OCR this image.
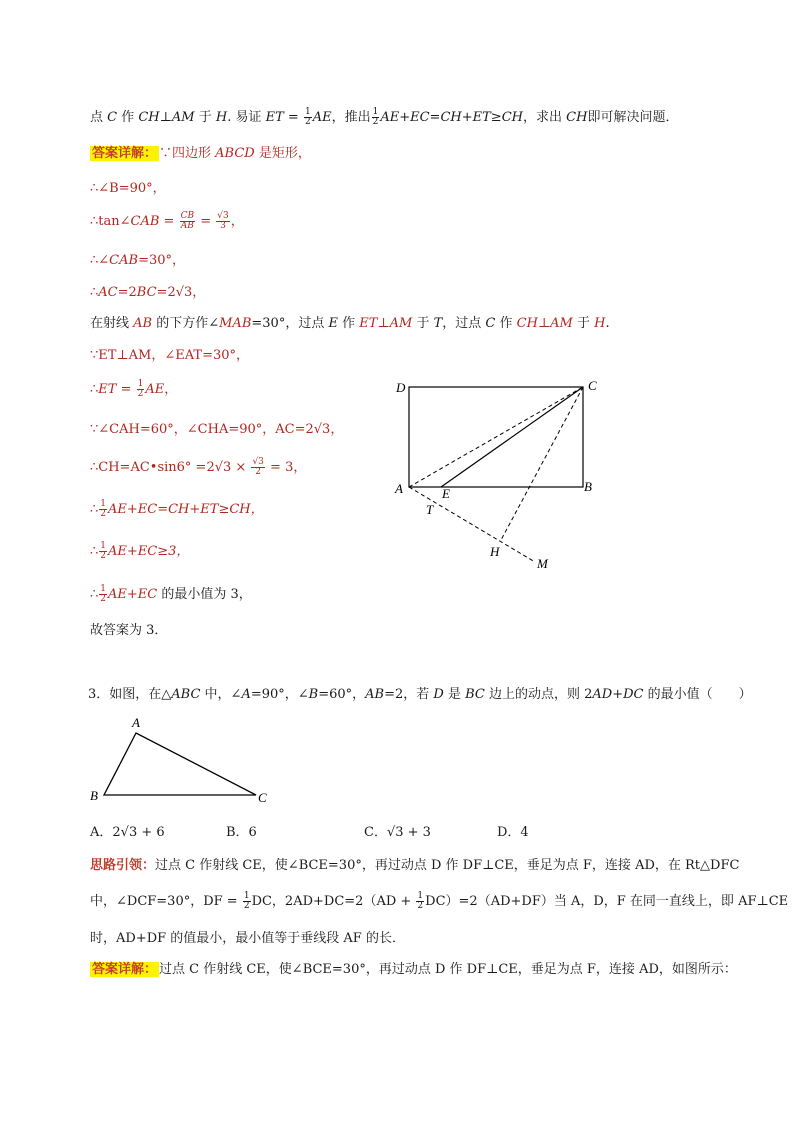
点 C 作 CH⊥AM 于 H. 易证 ET = $\frac{1}{2}$ AE，推出 $\frac{1}{2} AE+EC=CH+ET\ge CH$，求出 CH即可解决问题．
答案详解： ∵四边形 ABCD 是矩形，
∴∠B=90°，
∴tan∠CAB = $\frac{CB}{AB} = \frac{√3}{3}$ ，
∴∠CAB=30°，
∴AC=2BC=2√3，
在射线 AB 的下方作∠MAB=30°，过点 E 作 ET⊥AM 于 T，过点 C 作 CH⊥AM 于 H.
∵ET⊥AM，∠EAT=30°，
∴ET = $\frac{1}{2}$ AE，
∵∠CAH=60°，∠CHA=90°，AC=2√3，
∴CH=AC•sin6° $=2√3 \times \frac{√3}{2} = 3$，
∴ $\frac{1}{2} AE+EC=CH+ET\ge CH$，
∴ $\frac{1}{2} AE+EC\ge 3$，
∴ $\frac{1}{2} AE+EC$ 的最小值为 3，
故答案为 3．
D	C
A	B
E
T
H
M
3．如图，在△ABC 中，∠A=90°，∠B=60°，AB=2，若 D 是 BC 边上的动点，则 2AD+DC 的最小值（　　）
A
B	C
A．2√3 + 6	B．6	C．√3 + 3	D．4
思路引领：过点 C 作射线 CE，使∠BCE=30°，再过动点 D 作 DF⊥CE，垂足为点 F，连接 AD，在 Rt△DFC
中，∠DCF=30°，DF = $\frac{1}{2}$ DC，$2AD+DC=2(AD + \frac{1}{2} DC)=2(AD+DF)$当 A，D，F 在同一直线上，即 AF⊥CE
时，AD+DF 的值最小，最小值等于垂线段 AF 的长．
答案详解： 过点 C 作射线 CE，使∠BCE=30°，再过动点 D 作 DF⊥CE，垂足为点 F，连接 AD，如图所示：
